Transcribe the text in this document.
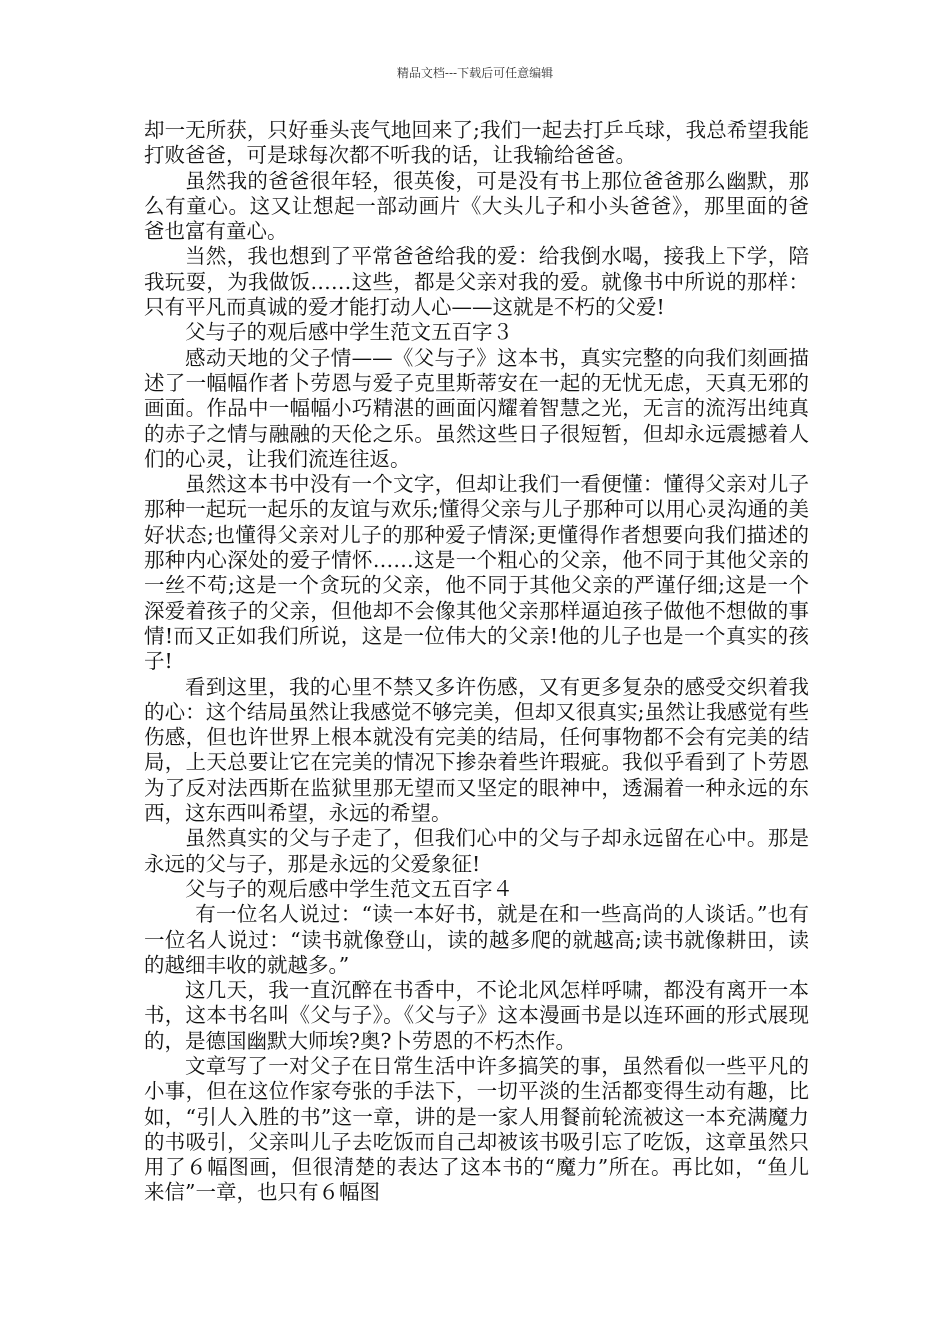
精品文档---下载后可任意编辑

却一无所获，只好垂头丧气地回来了;我们一起去打乒乓球，我总希望我能打败爸爸，可是球每次都不听我的话，让我输给爸爸。

虽然我的爸爸很年轻，很英俊，可是没有书上那位爸爸那么幽默，那么有童心。这又让想起一部动画片《大头儿子和小头爸爸》，那里面的爸爸也富有童心。

当然，我也想到了平常爸爸给我的爱：给我倒水喝，接我上下学，陪我玩耍，为我做饭……这些，都是父亲对我的爱。就像书中所说的那样：只有平凡而真诚的爱才能打动人心——这就是不朽的父爱!

父与子的观后感中学生范文五百字３

感动天地的父子情——《父与子》这本书，真实完整的向我们刻画描述了一幅幅作者卜劳恩与爱子克里斯蒂安在一起的无忧无虑，天真无邪的画面。作品中一幅幅小巧精湛的画面闪耀着智慧之光，无言的流泻出纯真的赤子之情与融融的天伦之乐。虽然这些日子很短暂，但却永远震撼着人们的心灵，让我们流连往返。

虽然这本书中没有一个文字，但却让我们一看便懂：懂得父亲对儿子那种一起玩一起乐的友谊与欢乐;懂得父亲与儿子那种可以用心灵沟通的美好状态;也懂得父亲对儿子的那种爱子情深;更懂得作者想要向我们描述的那种内心深处的爱子情怀……这是一个粗心的父亲，他不同于其他父亲的一丝不苟;这是一个贪玩的父亲，他不同于其他父亲的严谨仔细;这是一个深爱着孩子的父亲，但他却不会像其他父亲那样逼迫孩子做他不想做的事情!而又正如我们所说，这是一位伟大的父亲!他的儿子也是一个真实的孩子!

看到这里，我的心里不禁又多许伤感，又有更多复杂的感受交织着我的心：这个结局虽然让我感觉不够完美，但却又很真实;虽然让我感觉有些伤感，但也许世界上根本就没有完美的结局，任何事物都不会有完美的结局，上天总要让它在完美的情况下掺杂着些许瑕疵。我似乎看到了卜劳恩为了反对法西斯在监狱里那无望而又坚定的眼神中，透漏着一种永远的东西，这东西叫希望，永远的希望。

虽然真实的父与子走了，但我们心中的父与子却永远留在心中。那是永远的父与子，那是永远的父爱象征!

父与子的观后感中学生范文五百字４

有一位名人说过：“读一本好书，就是在和一些高尚的人谈话。”也有一位名人说过：“读书就像登山，读的越多爬的就越高;读书就像耕田，读的越细丰收的就越多。”

这几天，我一直沉醉在书香中，不论北风怎样呼啸，都没有离开一本书，这本书名叫《父与子》。《父与子》这本漫画书是以连环画的形式展现的，是德国幽默大师埃?奥?卜劳恩的不朽杰作。

文章写了一对父子在日常生活中许多搞笑的事，虽然看似一些平凡的小事，但在这位作家夸张的手法下，一切平淡的生活都变得生动有趣，比如，“引人入胜的书”这一章，讲的是一家人用餐前轮流被这一本充满魔力的书吸引，父亲叫儿子去吃饭而自己却被该书吸引忘了吃饭，这章虽然只用了６幅图画，但很清楚的表达了这本书的“魔力”所在。再比如，“鱼儿来信”一章，也只有６幅图
